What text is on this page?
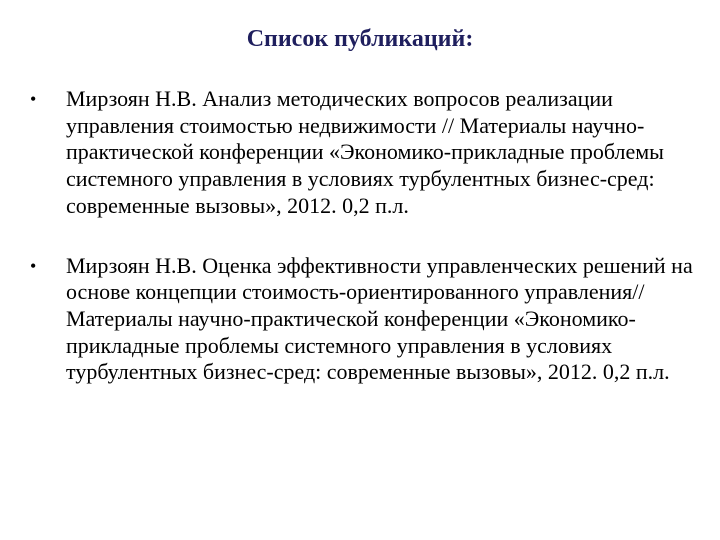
Список публикаций:
•	Мирзоян Н.В. Анализ методических вопросов реализации управления стоимостью недвижимости // Материалы научно-практической конференции «Экономико-прикладные проблемы системного управления в условиях турбулентных бизнес-сред: современные вызовы», 2012. 0,2 п.л.
•	Мирзоян Н.В. Оценка эффективности управленческих решений на основе концепции стоимость-ориентированного управления// Материалы научно-практической конференции «Экономико-прикладные проблемы системного управления в условиях турбулентных бизнес-сред: современные вызовы», 2012. 0,2 п.л.
